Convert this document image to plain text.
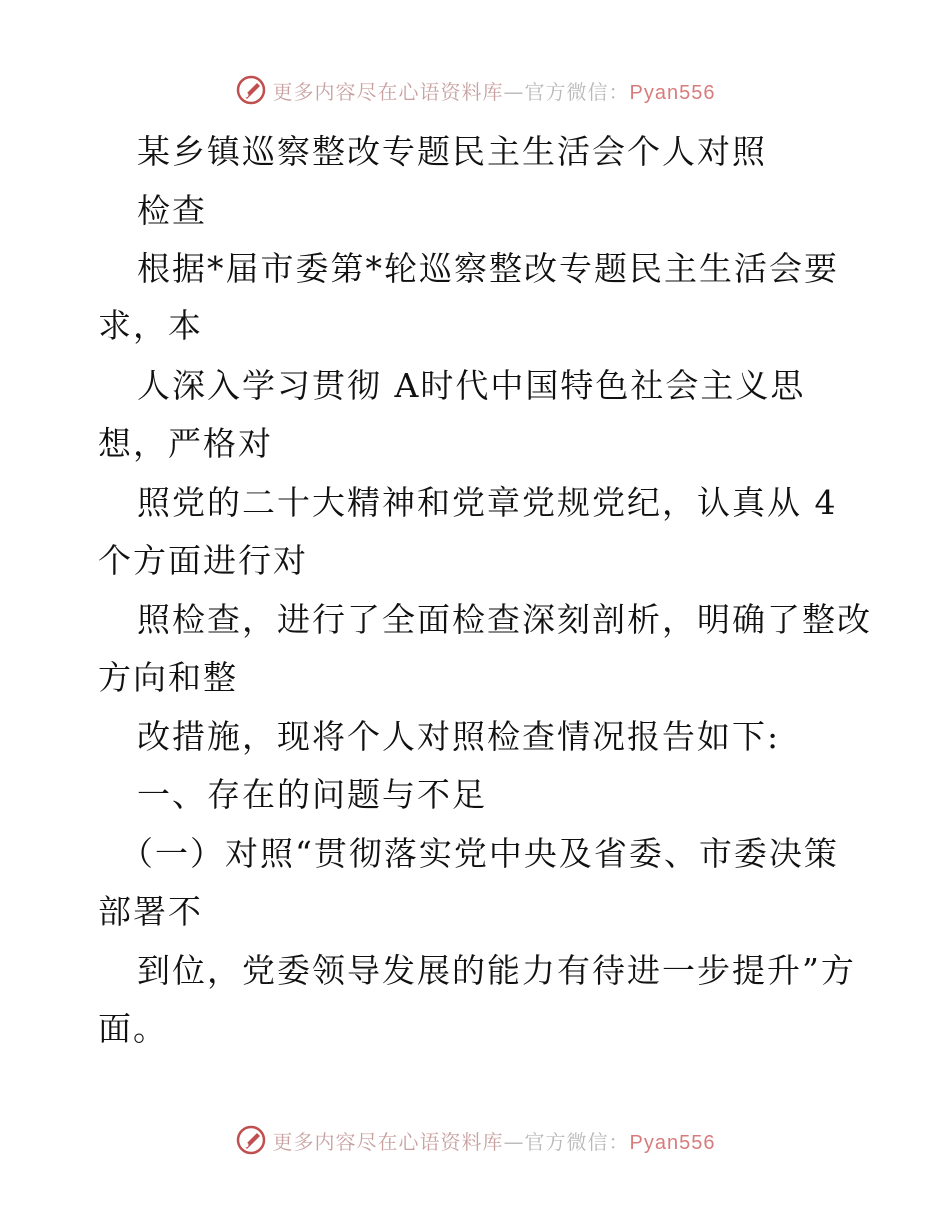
更多内容尽在心语资料库—官方微信：Pyan556
某乡镇巡察整改专题民主生活会个人对照
检查
根据*届市委第*轮巡察整改专题民主生活会要
求，本
人深入学习贯彻 A时代中国特色社会主义思
想，严格对
照党的二十大精神和党章党规党纪，认真从 4
个方面进行对
照检查，进行了全面检查深刻剖析，明确了整改
方向和整
改措施，现将个人对照检查情况报告如下:
一、存在的问题与不足
（一）对照“贯彻落实党中央及省委、市委决策
部署不
到位，党委领导发展的能力有待进一步提升”方
面。
更多内容尽在心语资料库—官方微信：Pyan556
